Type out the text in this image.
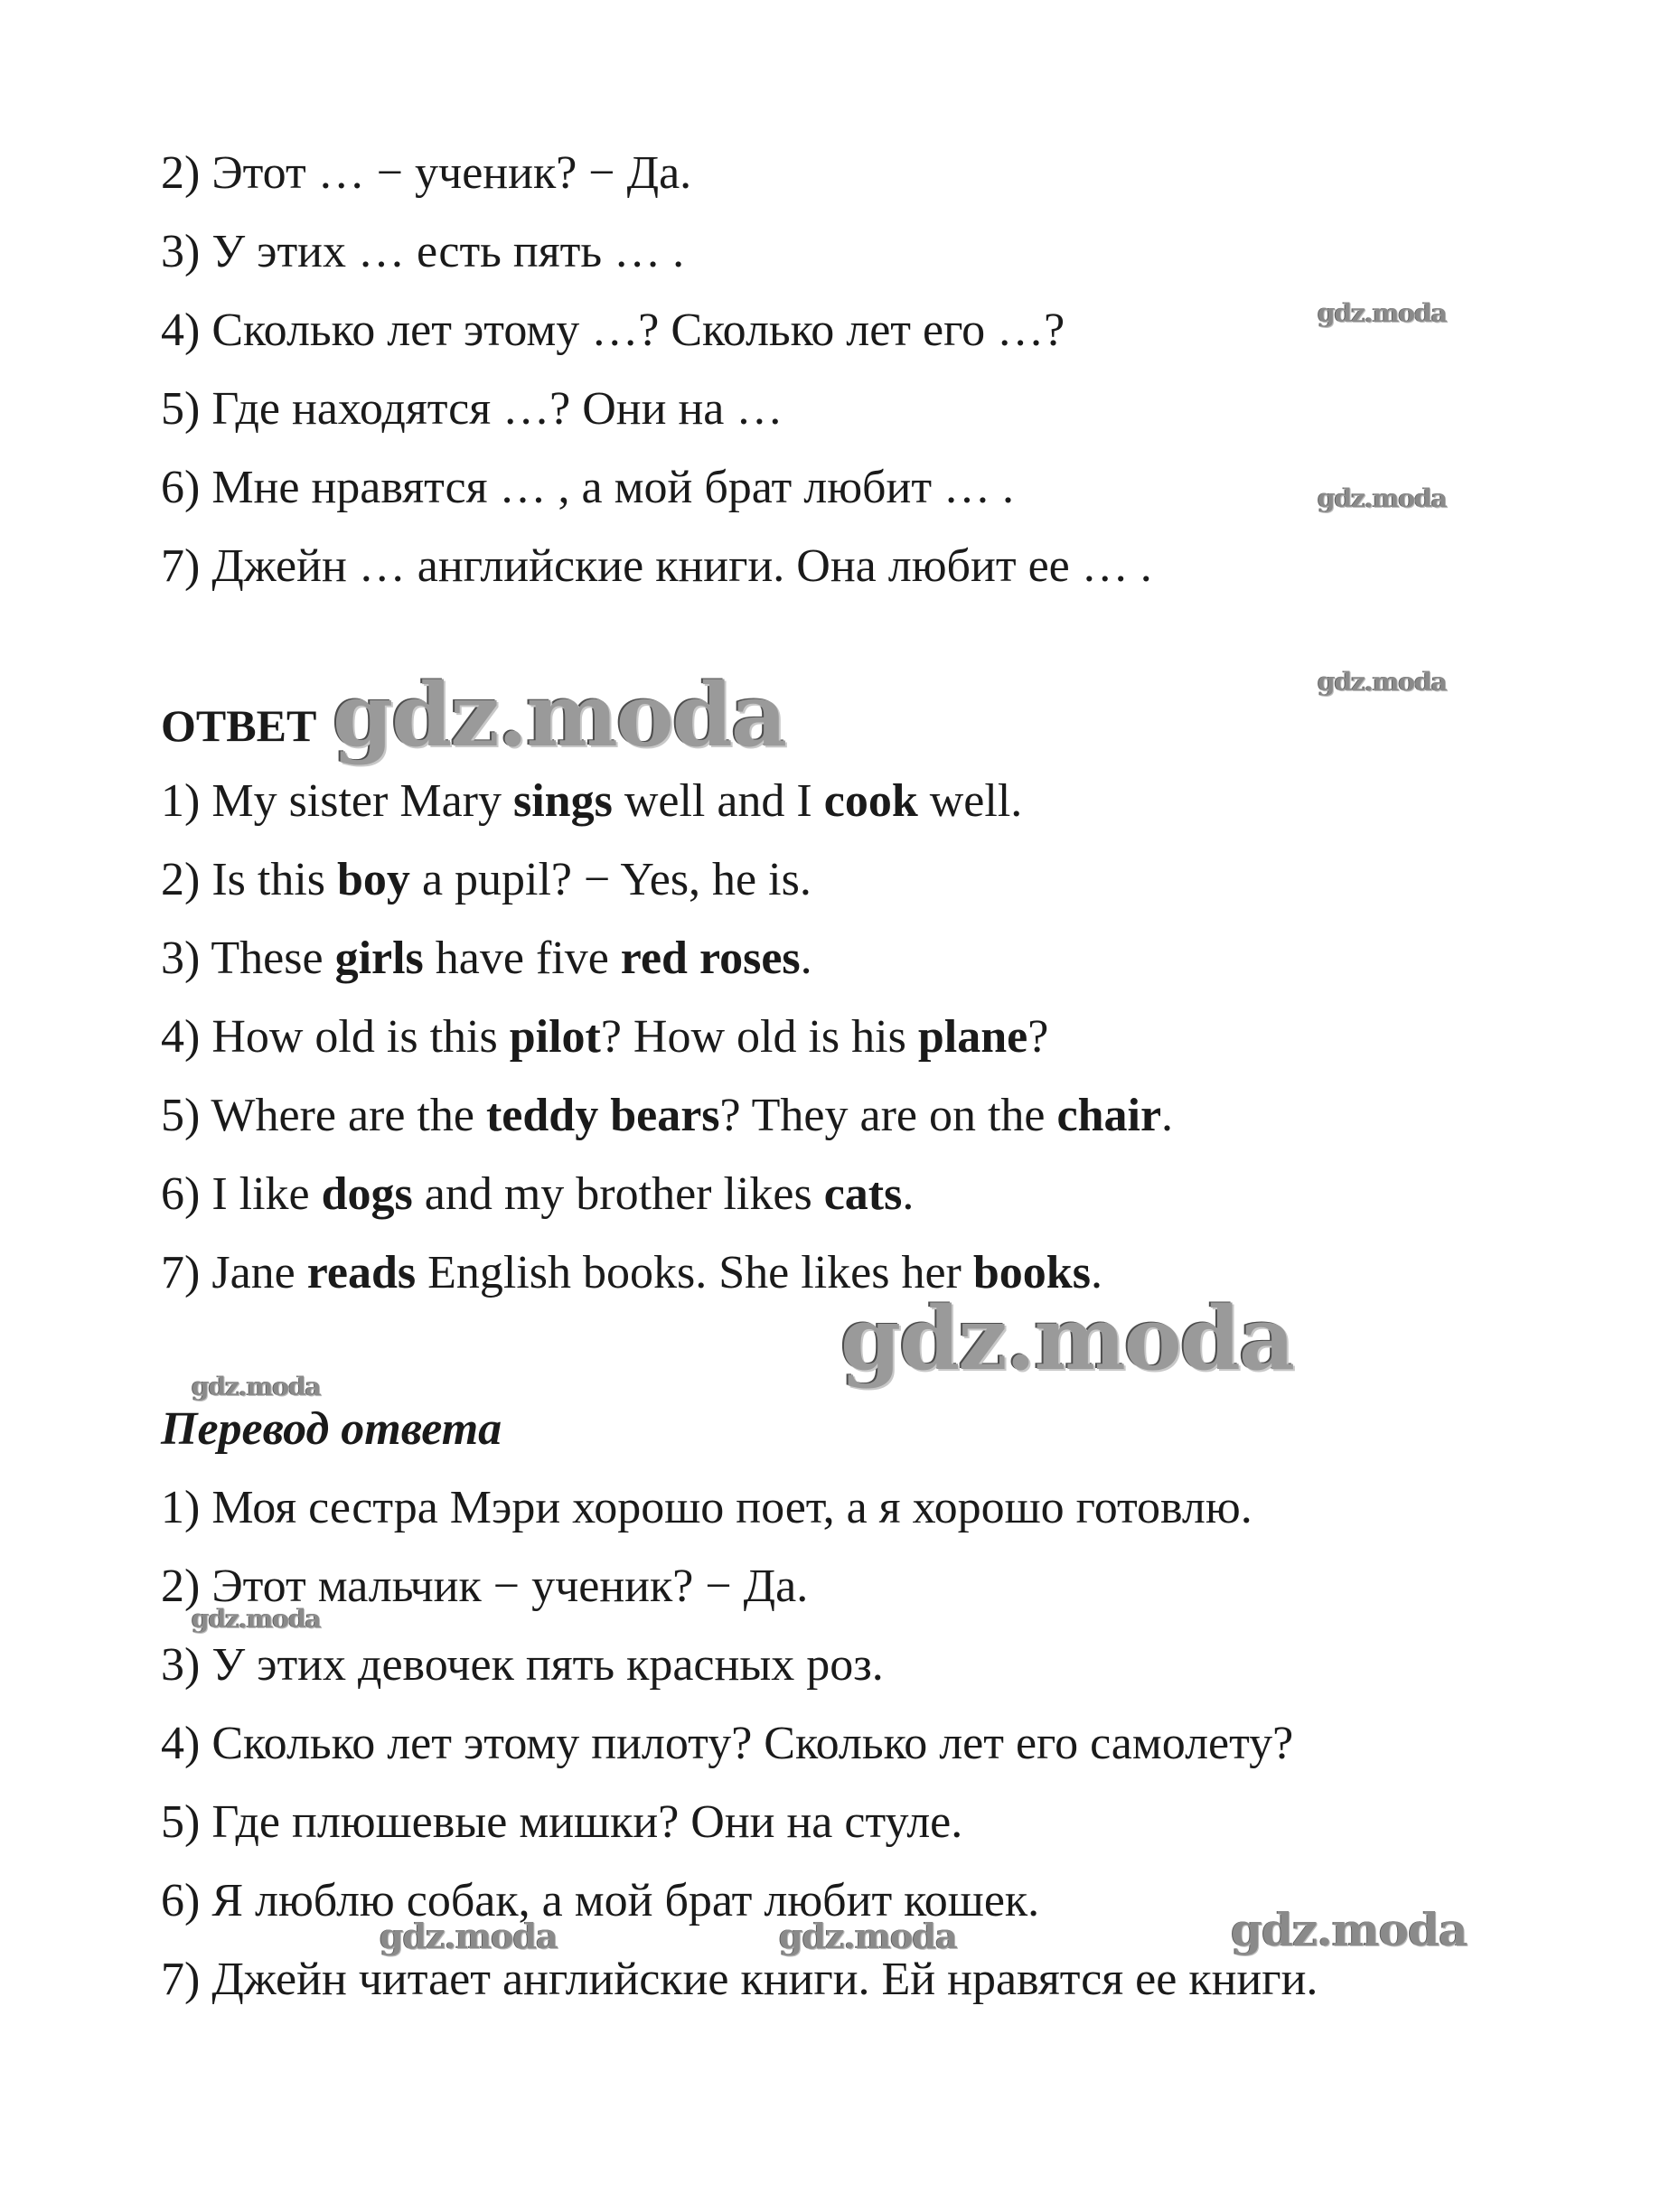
2) Этот … − ученик? − Да.
3) У этих … есть пять … .
4) Сколько лет этому …? Сколько лет его …?
5) Где находятся …? Они на …
6) Мне нравятся … , а мой брат любит … .
7) Джейн … английские книги. Она любит ее … .
ОТВЕТ
1) My sister Mary sings well and I cook well.
2) Is this boy a pupil? − Yes, he is.
3) These girls have five red roses.
4) How old is this pilot? How old is his plane?
5) Where are the teddy bears? They are on the chair.
6) I like dogs and my brother likes cats.
7) Jane reads English books. She likes her books.
Перевод ответа
1) Моя сестра Мэри хорошо поет, а я хорошо готовлю.
2) Этот мальчик − ученик? − Да.
3) У этих девочек пять красных роз.
4) Сколько лет этому пилоту? Сколько лет его самолету?
5) Где плюшевые мишки? Они на стуле.
6) Я люблю собак, а мой брат любит кошек.
7) Джейн читает английские книги. Ей нравятся ее книги.
gdz.moda
gdz.moda
gdz.moda
gdz.moda
gdz.moda
gdz.moda
gdz.moda
gdz.moda	gdz.moda	gdz.moda
